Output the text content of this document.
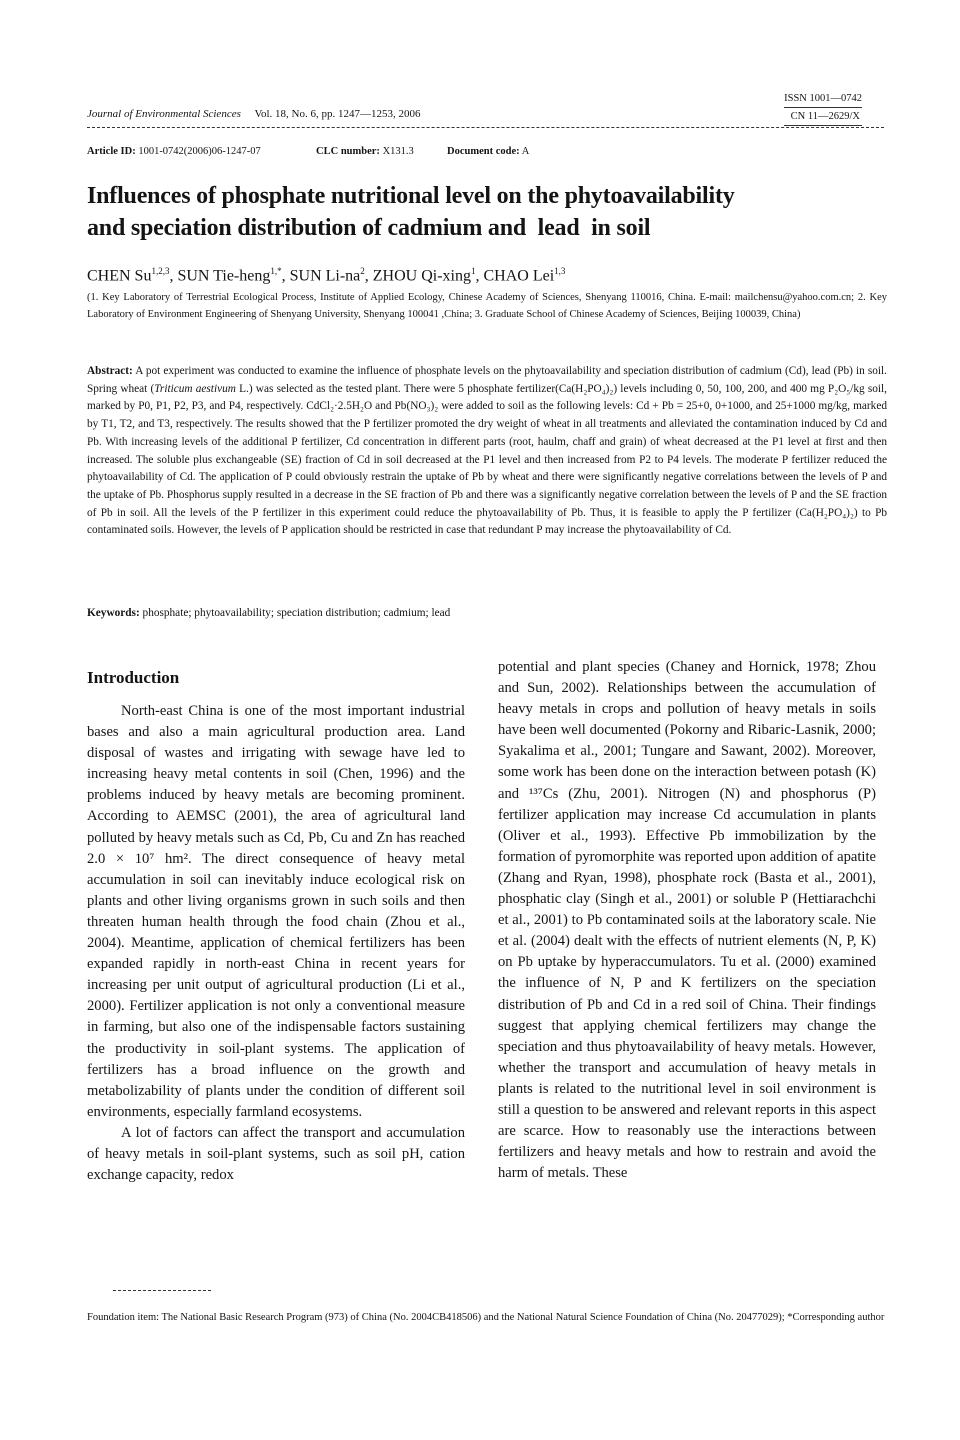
ISSN 1001—0742
CN 11—2629/X
Journal of Environmental Sciences Vol. 18, No. 6, pp. 1247—1253, 2006
Article ID: 1001-0742(2006)06-1247-07	CLC number: X131.3	Document code: A
Influences of phosphate nutritional level on the phytoavailability
and speciation distribution of cadmium and  lead  in soil
CHEN Su$^{1,2,3}$, SUN Tie-heng$^{1,*}$, SUN $Li-na^2$, ZHOU Qi-xing$^1$, CHAO Lei$^{1,3}$
(1. Key Laboratory of Terrestrial Ecological Process, Institute of Applied Ecology, Chinese Academy of Sciences, Shenyang 110016, China. E-mail: mailchensu@yahoo.com.cn; 2. Key Laboratory of Environment Engineering of Shenyang University, Shenyang 100041 ,China; 3. Graduate School of Chinese Academy of Sciences, Beijing 100039, China)
Abstract: A pot experiment was conducted to examine the influence of phosphate levels on the phytoavailability and speciation distribution of cadmium (Cd), lead (Pb) in soil. Spring wheat (Triticum aestivum L.) was selected as the tested plant. There were 5 phosphate fertilizer(Ca(H₂PO₄)₂) levels including 0, 50, 100, 200, and 400 mg P₂O₅/kg soil, marked by P0, P1, P2, P3, and P4, respectively. CdCl₂·2.5H₂O and Pb(NO₃)₂ were added to soil as the following levels: Cd + Pb = 25+0, 0+1000, and 25+1000 mg/kg, marked by T1, T2, and T3, respectively. The results showed that the P fertilizer promoted the dry weight of wheat in all treatments and alleviated the contamination induced by Cd and Pb. With increasing levels of the additional P fertilizer, Cd concentration in different parts (root, haulm, chaff and grain) of wheat decreased at the P1 level at first and then increased. The soluble plus exchangeable (SE) fraction of Cd in soil decreased at the P1 level and then increased from P2 to P4 levels. The moderate P fertilizer reduced the phytoavailability of Cd. The application of P could obviously restrain the uptake of Pb by wheat and there were significantly negative correlations between the levels of P and the uptake of Pb. Phosphorus supply resulted in a decrease in the SE fraction of Pb and there was a significantly negative correlation between the levels of P and the SE fraction of Pb in soil. All the levels of the P fertilizer in this experiment could reduce the phytoavailability of Pb. Thus, it is feasible to apply the P fertilizer (Ca(H₂PO₄)₂) to Pb contaminated soils. However, the levels of P application should be restricted in case that redundant P may increase the phytoavailability of Cd.
Keywords: phosphate; phytoavailability; speciation distribution; cadmium; lead
Introduction

North-east China is one of the most important industrial bases and also a main agricultural production area. Land disposal of wastes and irrigating with sewage have led to increasing heavy metal contents in soil (Chen, 1996) and the problems induced by heavy metals are becoming prominent. According to AEMSC (2001), the area of agricultural land polluted by heavy metals such as Cd, Pb, Cu and Zn has reached 2.0 × 10⁷ hm². The direct consequence of heavy metal accumulation in soil can inevitably induce ecological risk on plants and other living organisms grown in such soils and then threaten human health through the food chain (Zhou et al., 2004). Meantime, application of chemical fertilizers has been expanded rapidly in north-east China in recent years for increasing per unit output of agricultural production (Li et al., 2000). Fertilizer application is not only a conventional measure in farming, but also one of the indispensable factors sustaining the productivity in soil-plant systems. The application of fertilizers has a broad influence on the growth and metabolizability of plants under the condition of different soil environments, especially farmland ecosystems.

A lot of factors can affect the transport and accumulation of heavy metals in soil-plant systems, such as soil pH, cation exchange capacity, redox

potential and plant species (Chaney and Hornick, 1978; Zhou and Sun, 2002). Relationships between the accumulation of heavy metals in crops and pollution of heavy metals in soils have been well documented (Pokorny and Ribaric-Lasnik, 2000; Syakalima et al., 2001; Tungare and Sawant, 2002). Moreover, some work has been done on the interaction between potash (K) and ¹³⁷Cs (Zhu, 2001). Nitrogen (N) and phosphorus (P) fertilizer application may increase Cd accumulation in plants (Oliver et al., 1993). Effective Pb immobilization by the formation of pyromorphite was reported upon addition of apatite (Zhang and Ryan, 1998), phosphate rock (Basta et al., 2001), phosphatic clay (Singh et al., 2001) or soluble P (Hettiarachchi et al., 2001) to Pb contaminated soils at the laboratory scale. Nie et al. (2004) dealt with the effects of nutrient elements (N, P, K) on Pb uptake by hyperaccumulators. Tu et al. (2000) examined the influence of N, P and K fertilizers on the speciation distribution of Pb and Cd in a red soil of China. Their findings suggest that applying chemical fertilizers may change the speciation and thus phytoavailability of heavy metals. However, whether the transport and accumulation of heavy metals in plants is related to the nutritional level in soil environment is still a question to be answered and relevant reports in this aspect are scarce. How to reasonably use the interactions between fertilizers and heavy metals and how to restrain and avoid the harm of metals. These

Foundation item: The National Basic Research Program (973) of China (No. 2004CB418506) and the National Natural Science Foundation of China (No. 20477029); *Corresponding author
